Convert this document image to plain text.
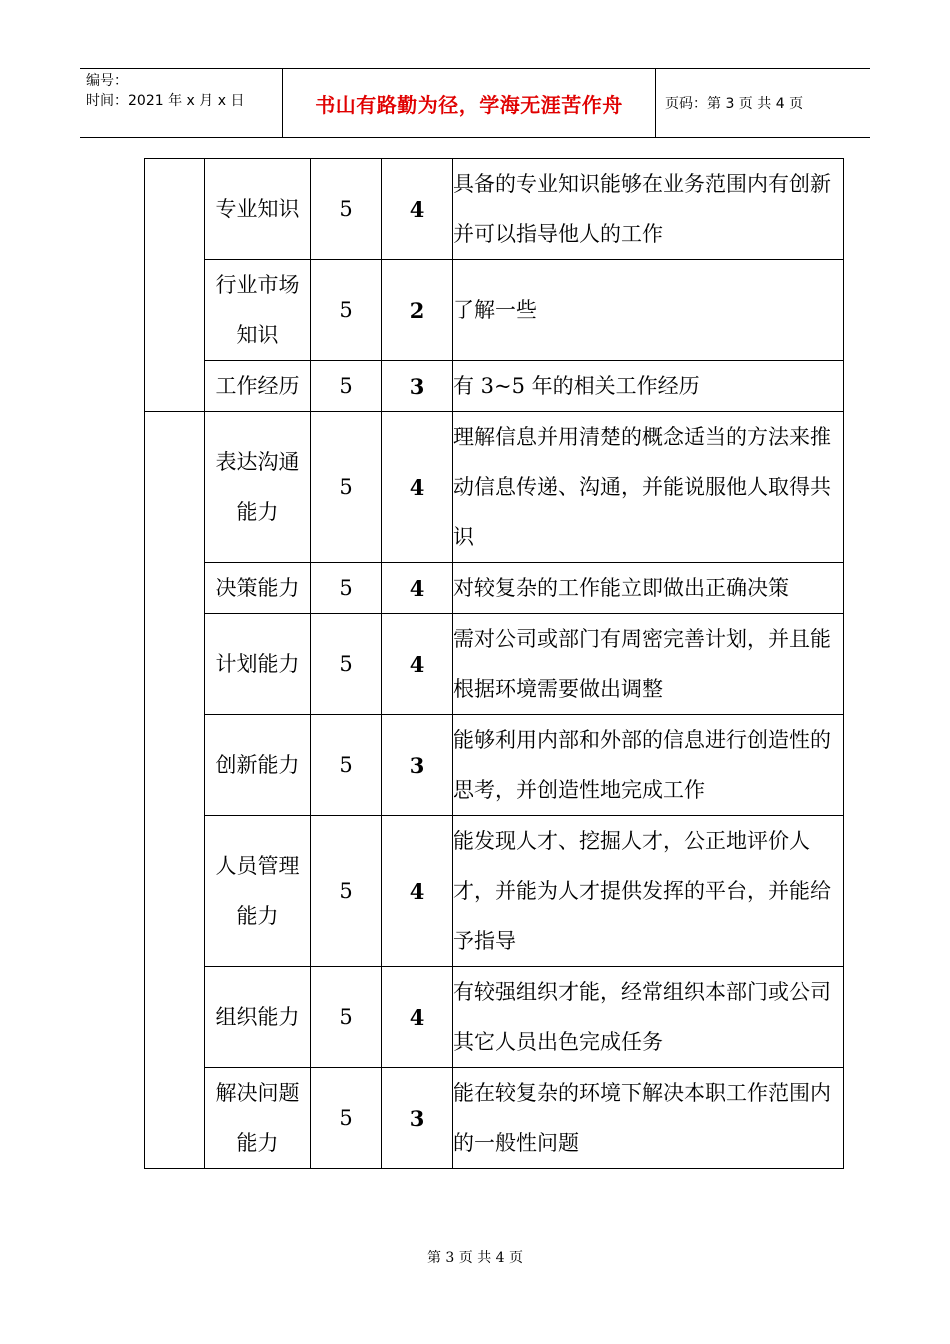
编号：
时间：2021 年 x 月 x 日	书山有路勤为径，学海无涯苦作舟	页码：第 3 页 共 4 页
	专业知识	5	4	具备的专业知识能够在业务范围内有创新并可以指导他人的工作
	行业市场知识	5	2	了解一些
	工作经历	5	3	有 3~5 年的相关工作经历
	表达沟通能力	5	4	理解信息并用清楚的概念适当的方法来推动信息传递、沟通，并能说服他人取得共识
	决策能力	5	4	对较复杂的工作能立即做出正确决策
	计划能力	5	4	需对公司或部门有周密完善计划，并且能根据环境需要做出调整
	创新能力	5	3	能够利用内部和外部的信息进行创造性的思考，并创造性地完成工作
	人员管理能力	5	4	能发现人才、挖掘人才，公正地评价人才，并能为人才提供发挥的平台，并能给予指导
	组织能力	5	4	有较强组织才能，经常组织本部门或公司其它人员出色完成任务
	解决问题能力	5	3	能在较复杂的环境下解决本职工作范围内的一般性问题
第 3 页 共 4 页
